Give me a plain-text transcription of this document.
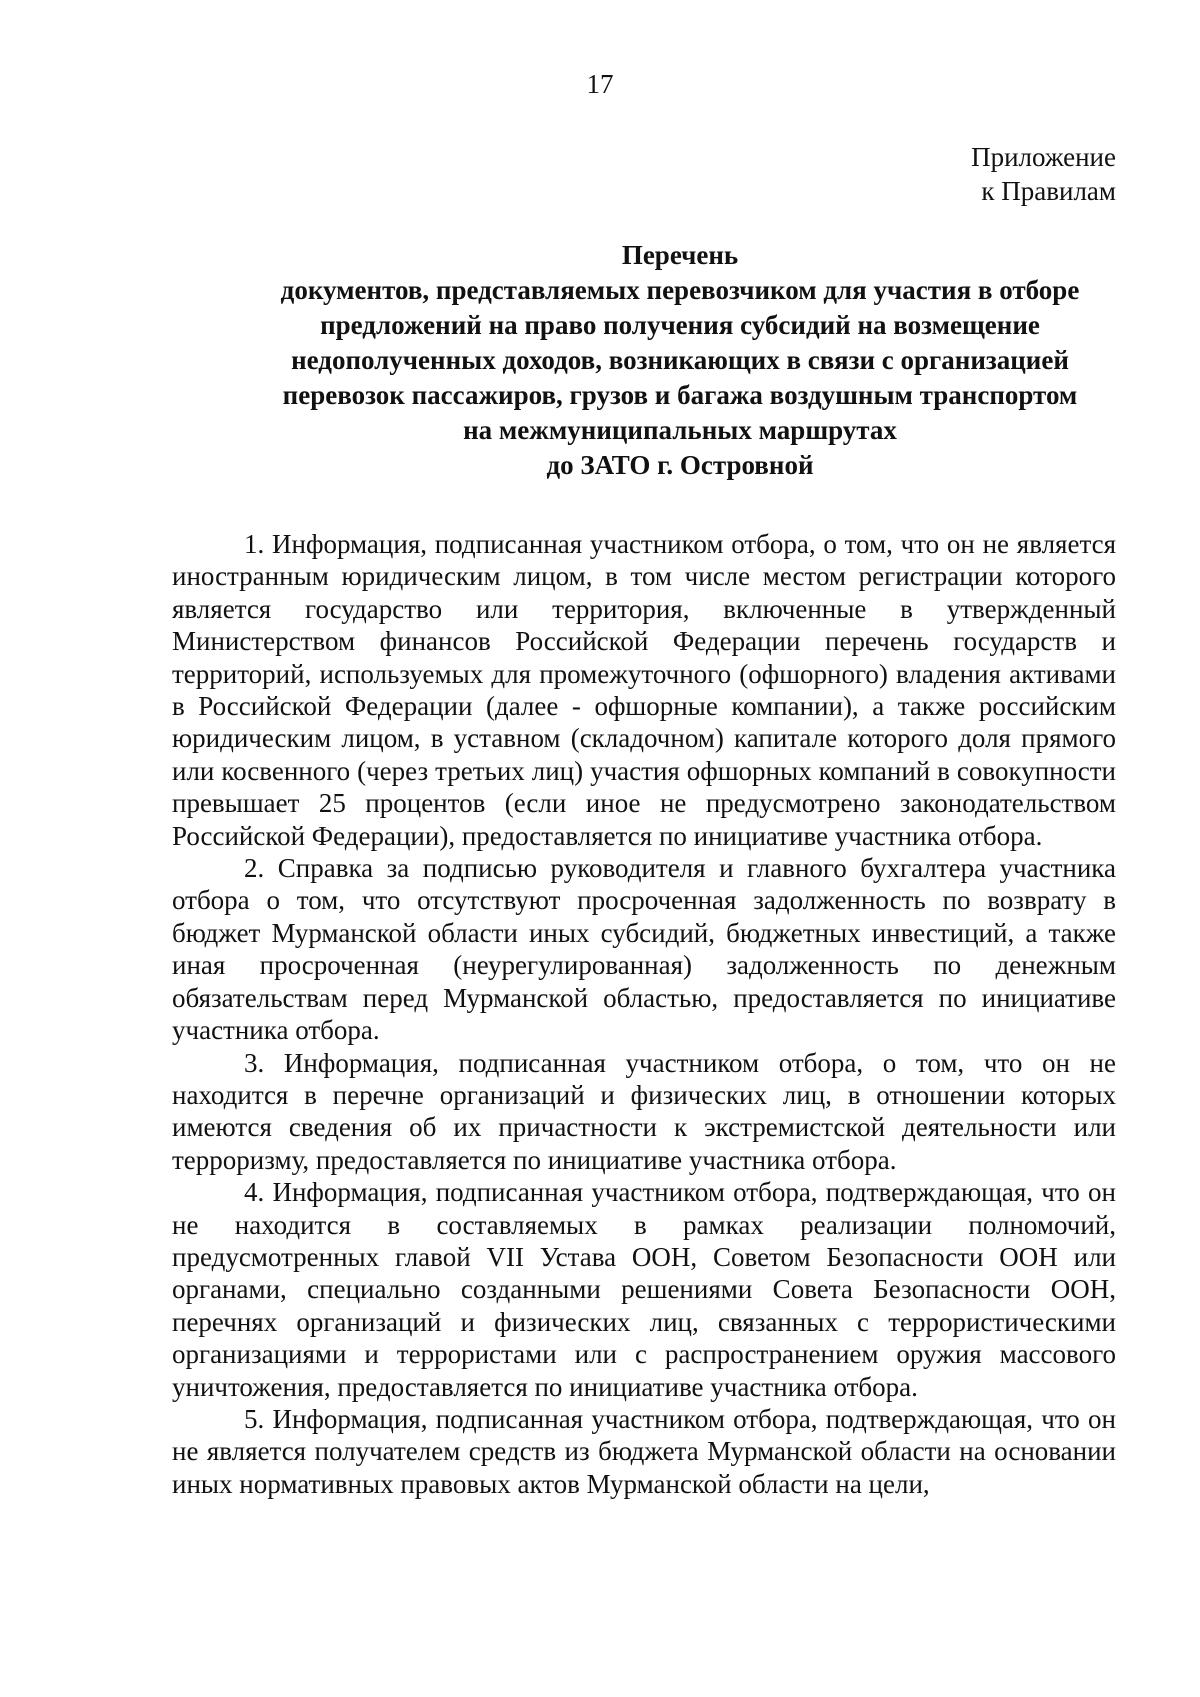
17
Приложение
к Правилам
Перечень
документов, представляемых перевозчиком для участия в отборе
предложений на право получения субсидий на возмещение
недополученных доходов, возникающих в связи с организацией
перевозок пассажиров, грузов и багажа воздушным транспортом
на межмуниципальных маршрутах
до ЗАТО г. Островной

1. Информация, подписанная участником отбора, о том, что он не является иностранным юридическим лицом, в том числе местом регистрации которого является государство или территория, включенные в утвержденный Министерством финансов Российской Федерации перечень государств и территорий, используемых для промежуточного (офшорного) владения активами в Российской Федерации (далее - офшорные компании), а также российским юридическим лицом, в уставном (складочном) капитале которого доля прямого или косвенного (через третьих лиц) участия офшорных компаний в совокупности превышает 25 процентов (если иное не предусмотрено законодательством Российской Федерации), предоставляется по инициативе участника отбора.

2. Справка за подписью руководителя и главного бухгалтера участника отбора о том, что отсутствуют просроченная задолженность по возврату в бюджет Мурманской области иных субсидий, бюджетных инвестиций, а также иная просроченная (неурегулированная) задолженность по денежным обязательствам перед Мурманской областью, предоставляется по инициативе участника отбора.

3. Информация, подписанная участником отбора, о том, что он не находится в перечне организаций и физических лиц, в отношении которых имеются сведения об их причастности к экстремистской деятельности или терроризму, предоставляется по инициативе участника отбора.

4. Информация, подписанная участником отбора, подтверждающая, что он не находится в составляемых в рамках реализации полномочий, предусмотренных главой VII Устава ООН, Советом Безопасности ООН или органами, специально созданными решениями Совета Безопасности ООН, перечнях организаций и физических лиц, связанных с террористическими организациями и террористами или с распространением оружия массового уничтожения, предоставляется по инициативе участника отбора.

5. Информация, подписанная участником отбора, подтверждающая, что он не является получателем средств из бюджета Мурманской области на основании иных нормативных правовых актов Мурманской области на цели,
